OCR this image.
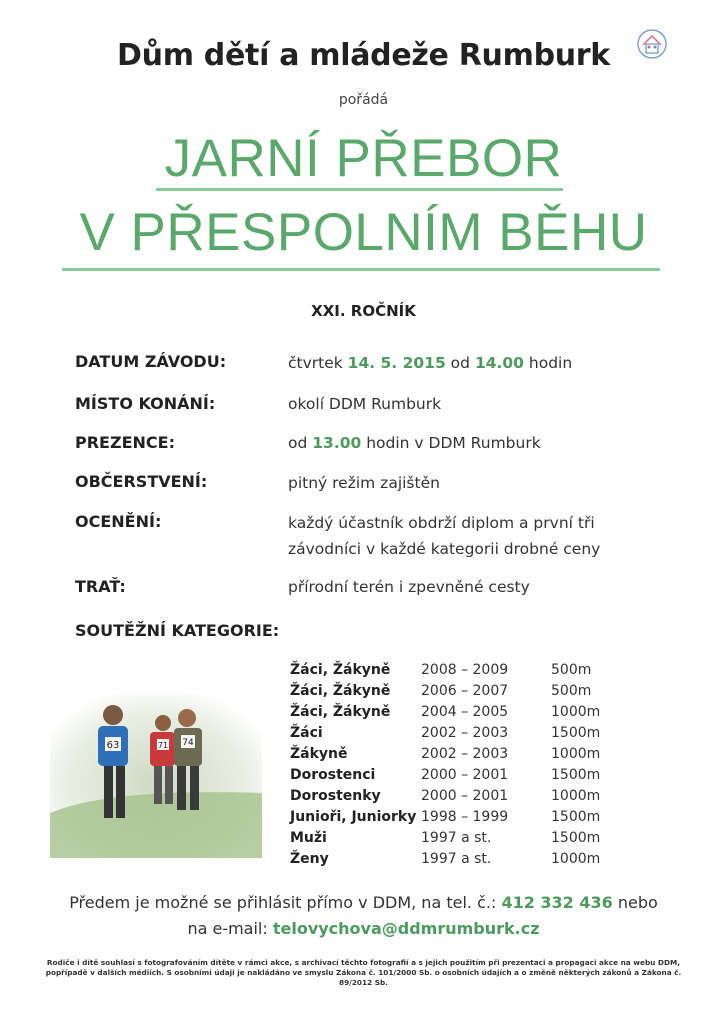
Dům dětí a mládeže Rumburk
pořádá
JARNÍ PŘEBOR
V PŘESPOLNÍM BĚHU
XXI. ROČNÍK
DATUM ZÁVODU:	čtvrtek 14. 5. 2015 od 14.00 hodin
MÍSTO KONÁNÍ:	okolí DDM Rumburk
PREZENCE:	od 13.00 hodin v DDM Rumburk
OBČERSTVENÍ:	pitný režim zajištěn
OCENĚNÍ:	každý účastník obdrží diplom a první tři
závodníci v každé kategorii drobné ceny
TRAŤ:	přírodní terén i zpevněné cesty
SOUTĚŽNÍ KATEGORIE:
63	71 74
Žáci, Žákyně 2008 – 2009	500m
Žáci, Žákyně 2006 – 2007	500m
Žáci, Žákyně 2004 – 2005	1000m
Žáci	2002 – 2003	1500m
Žákyně	2002 – 2003	1000m
Dorostenci	2000 – 2001	1500m
Dorostenky	2000 – 2001	1000m
Junioři, Juniorky 1998 – 1999	1500m
Muži	1997 a st.	1500m
Ženy	1997 a st.	1000m
Předem je možné se přihlásit přímo v DDM, na tel. č.: 412 332 436 nebo
na e-mail: telovychova@ddmrumburk.cz
Rodiče i dítě souhlasí s fotografováním dítěte v rámci akce, s archivací těchto fotografií a s jejich použitím při prezentaci a propagaci akce na webu DDM, popřípadě v dalších médiích. S osobními údaji je nakládáno ve smyslu Zákona č. 101/2000 Sb. o osobních údajích a o změně některých zákonů a Zákona č. 89/2012 Sb.
